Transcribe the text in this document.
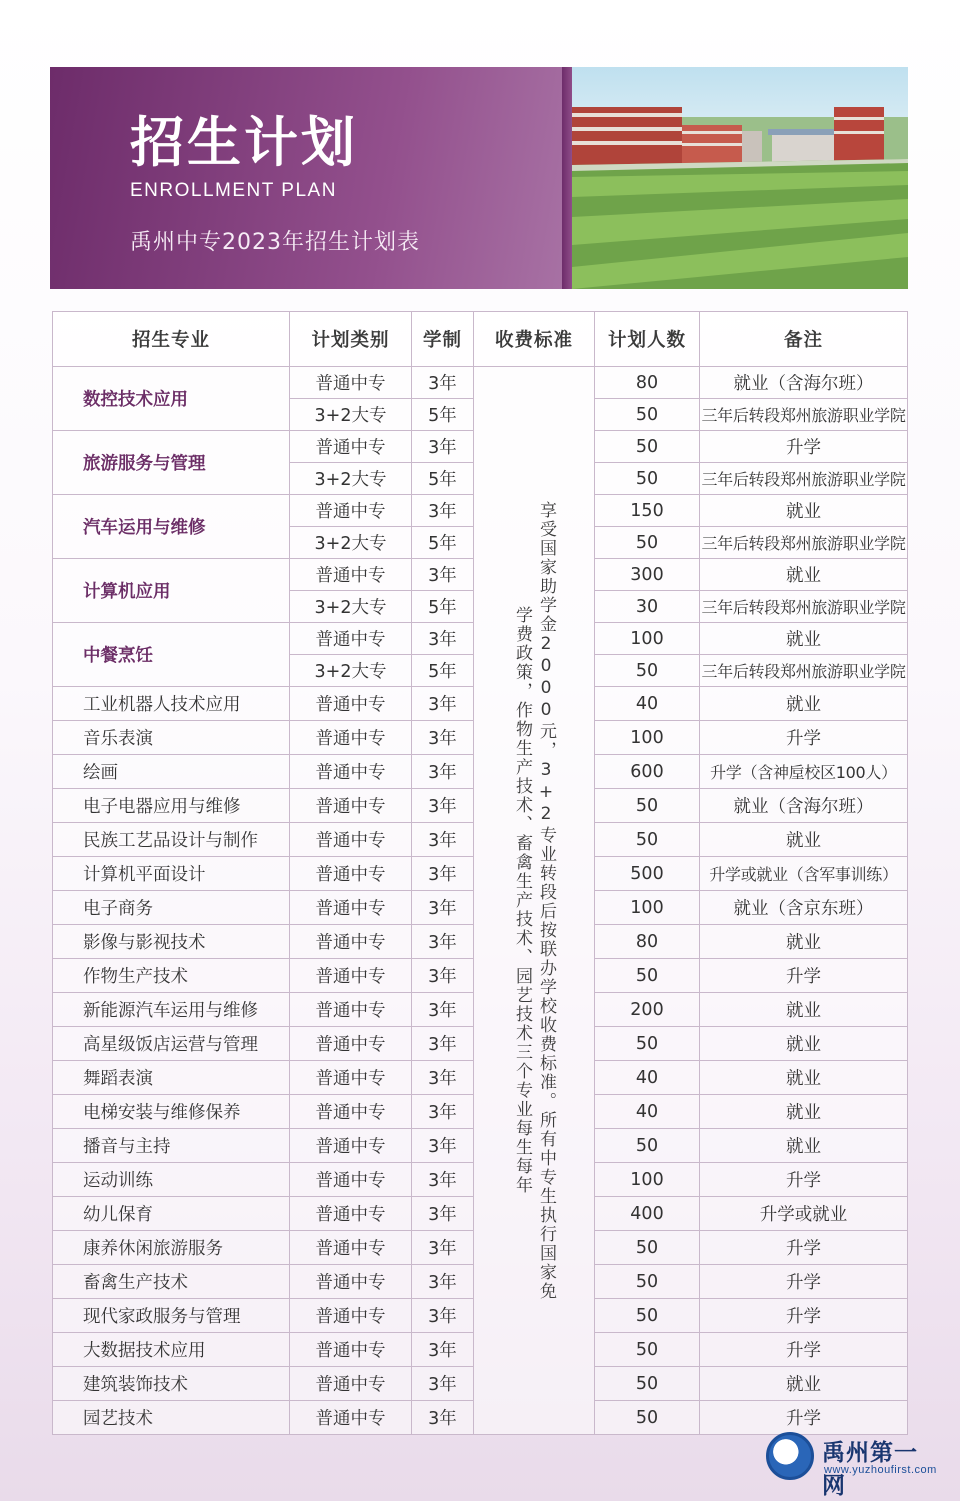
招生计划
ENROLLMENT PLAN
禹州中专2023年招生计划表
招生专业	计划类别	学制	收费标准	计划人数	备注
数控技术应用	普通中专	3年	享受国家助学金2000元，3+2专业转段后按联办学校收费标准。所有中专生执行国家免学费政策，作物生产技术、畜禽生产技术、园艺技术三个专业每生每年	80	就业（含海尔班）
	3+2大专	5年		50	三年后转段郑州旅游职业学院
旅游服务与管理	普通中专	3年		50	升学
	3+2大专	5年		50	三年后转段郑州旅游职业学院
汽车运用与维修	普通中专	3年		150	就业
	3+2大专	5年		50	三年后转段郑州旅游职业学院
计算机应用	普通中专	3年		300	就业
	3+2大专	5年		30	三年后转段郑州旅游职业学院
中餐烹饪	普通中专	3年		100	就业
	3+2大专	5年		50	三年后转段郑州旅游职业学院
工业机器人技术应用	普通中专	3年		40	就业
音乐表演	普通中专	3年		100	升学
绘画	普通中专	3年		600	升学（含神垕校区100人）
电子电器应用与维修	普通中专	3年		50	就业（含海尔班）
民族工艺品设计与制作	普通中专	3年		50	就业
计算机平面设计	普通中专	3年		500	升学或就业（含军事训练）
电子商务	普通中专	3年		100	就业（含京东班）
影像与影视技术	普通中专	3年		80	就业
作物生产技术	普通中专	3年		50	升学
新能源汽车运用与维修	普通中专	3年		200	就业
高星级饭店运营与管理	普通中专	3年		50	就业
舞蹈表演	普通中专	3年		40	就业
电梯安装与维修保养	普通中专	3年		40	就业
播音与主持	普通中专	3年		50	就业
运动训练	普通中专	3年		100	升学
幼儿保育	普通中专	3年		400	升学或就业
康养休闲旅游服务	普通中专	3年		50	升学
畜禽生产技术	普通中专	3年		50	升学
现代家政服务与管理	普通中专	3年		50	升学
大数据技术应用	普通中专	3年		50	升学
建筑装饰技术	普通中专	3年		50	就业
园艺技术	普通中专	3年		50	升学

禹州第一网

www.yuzhoufirst.com
